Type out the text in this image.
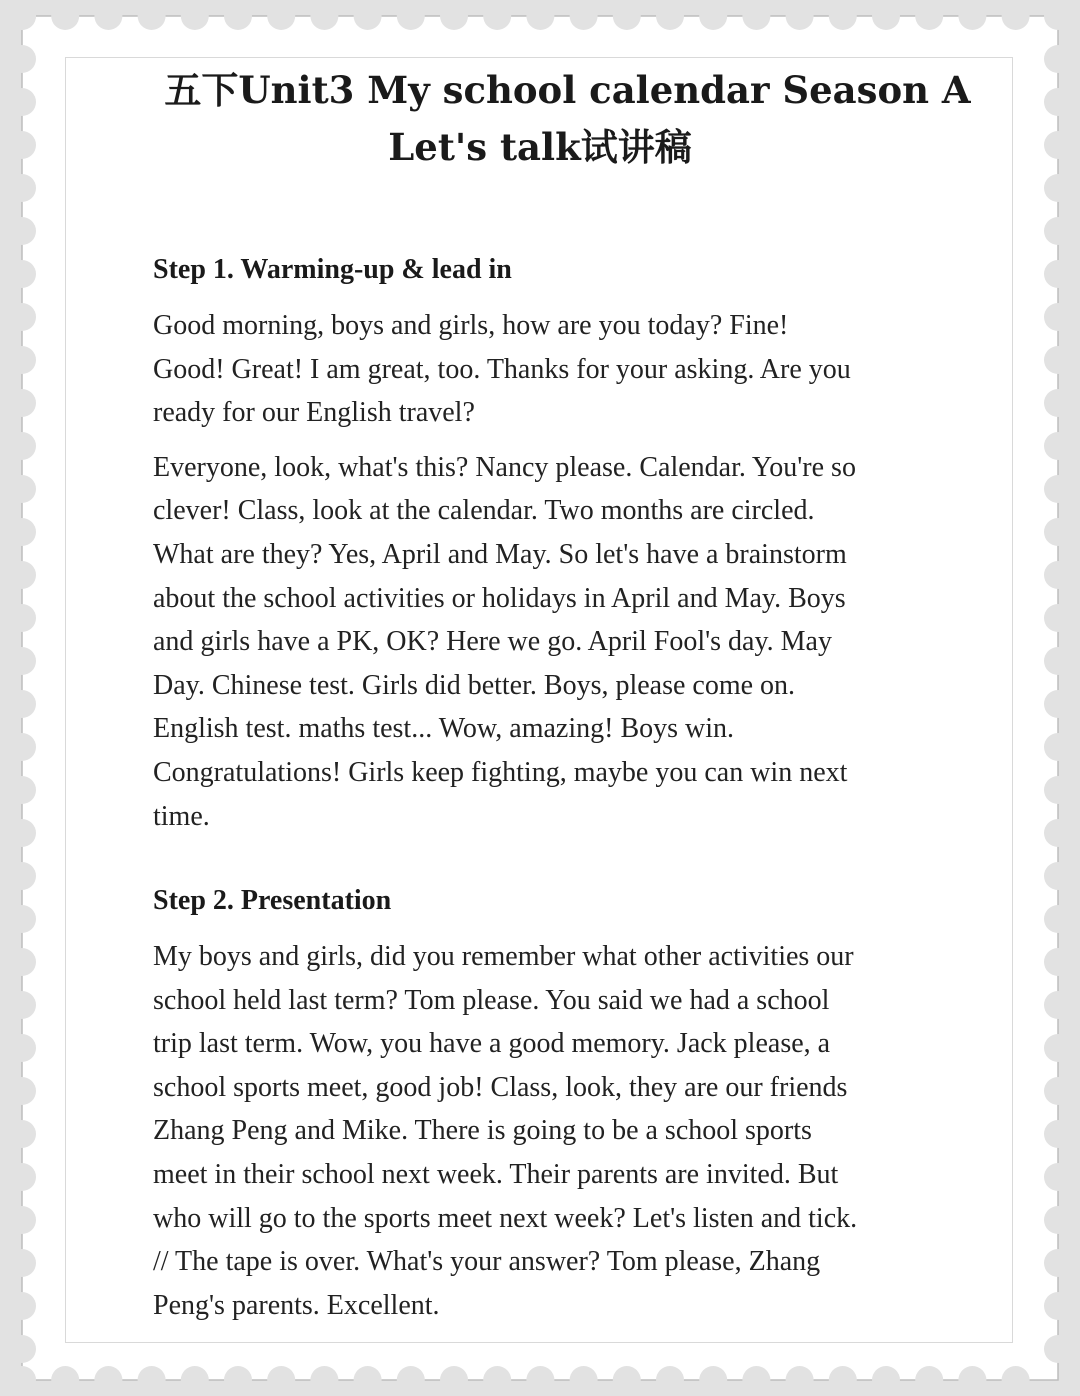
五下Unit3 My school calendar Season A
Let's talk试讲稿
Step 1. Warming-up & lead in

Good morning, boys and girls, how are you today? Fine!
Good! Great! I am great, too. Thanks for your asking. Are you
ready for our English travel?

Everyone, look, what's this? Nancy please. Calendar. You're so
clever! Class, look at the calendar. Two months are circled.
What are they? Yes, April and May. So let's have a brainstorm
about the school activities or holidays in April and May. Boys
and girls have a PK, OK? Here we go. April Fool's day. May
Day. Chinese test. Girls did better. Boys, please come on.
English test. maths test... Wow, amazing! Boys win.
Congratulations! Girls keep fighting, maybe you can win next
time.

Step 2. Presentation

My boys and girls, did you remember what other activities our
school held last term? Tom please. You said we had a school
trip last term. Wow, you have a good memory. Jack please, a
school sports meet, good job! Class, look, they are our friends
Zhang Peng and Mike. There is going to be a school sports
meet in their school next week. Their parents are invited. But
who will go to the sports meet next week? Let's listen and tick.
// The tape is over. What's your answer? Tom please, Zhang
Peng's parents. Excellent.
